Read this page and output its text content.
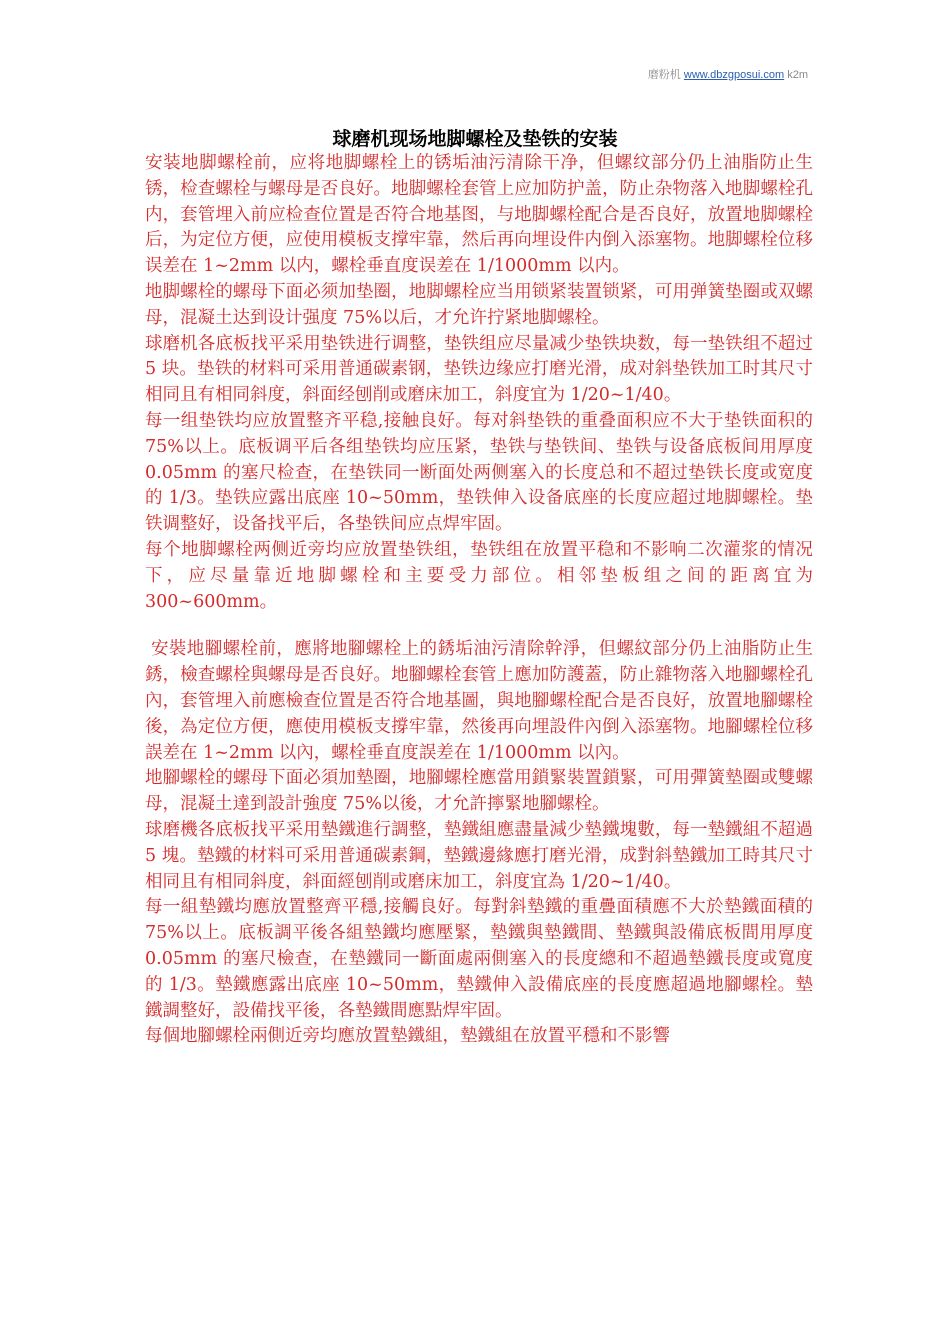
磨粉机 www.dbzgposui.com k2m
球磨机现场地脚螺栓及垫铁的安装

安装地脚螺栓前，应将地脚螺栓上的锈垢油污清除干净，但螺纹部分仍上油脂防止生锈，检查螺栓与螺母是否良好。地脚螺栓套管上应加防护盖，防止杂物落入地脚螺栓孔内，套管埋入前应检查位置是否符合地基图，与地脚螺栓配合是否良好，放置地脚螺栓后，为定位方便，应使用模板支撑牢靠，然后再向埋设件内倒入添塞物。地脚螺栓位移误差在 1~2mm 以内，螺栓垂直度误差在 1/1000mm 以内。

地脚螺栓的螺母下面必须加垫圈，地脚螺栓应当用锁紧装置锁紧，可用弹簧垫圈或双螺母，混凝土达到设计强度 75%以后，才允许拧紧地脚螺栓。

球磨机各底板找平采用垫铁进行调整，垫铁组应尽量减少垫铁块数，每一垫铁组不超过 5 块。垫铁的材料可采用普通碳素钢，垫铁边缘应打磨光滑，成对斜垫铁加工时其尺寸相同且有相同斜度，斜面经刨削或磨床加工，斜度宜为 1/20~1/40。

每一组垫铁均应放置整齐平稳,接触良好。每对斜垫铁的重叠面积应不大于垫铁面积的 75%以上。底板调平后各组垫铁均应压紧，垫铁与垫铁间、垫铁与设备底板间用厚度 0.05mm 的塞尺检查，在垫铁同一断面处两侧塞入的长度总和不超过垫铁长度或宽度的 1/3。垫铁应露出底座 10~50mm，垫铁伸入设备底座的长度应超过地脚螺栓。垫铁调整好，设备找平后，各垫铁间应点焊牢固。

每个地脚螺栓两侧近旁均应放置垫铁组，垫铁组在放置平稳和不影响二次灌浆的情况下，应尽量靠近地脚螺栓和主要受力部位。相邻垫板组之间的距离宜为 300~600mm。

安裝地腳螺栓前，應將地腳螺栓上的銹垢油污清除幹淨，但螺紋部分仍上油脂防止生銹，檢查螺栓與螺母是否良好。地腳螺栓套管上應加防護蓋，防止雜物落入地腳螺栓孔內，套管埋入前應檢查位置是否符合地基圖，與地腳螺栓配合是否良好，放置地腳螺栓後，為定位方便，應使用模板支撐牢靠，然後再向埋設件內倒入添塞物。地腳螺栓位移誤差在 1~2mm 以內，螺栓垂直度誤差在 1/1000mm 以內。

地腳螺栓的螺母下面必須加墊圈，地腳螺栓應當用鎖緊裝置鎖緊，可用彈簧墊圈或雙螺母，混凝土達到設計強度 75%以後，才允許擰緊地腳螺栓。

球磨機各底板找平采用墊鐵進行調整，墊鐵組應盡量減少墊鐵塊數，每一墊鐵組不超過 5 塊。墊鐵的材料可采用普通碳素鋼，墊鐵邊緣應打磨光滑，成對斜墊鐵加工時其尺寸相同且有相同斜度，斜面經刨削或磨床加工，斜度宜為 1/20~1/40。

每一組墊鐵均應放置整齊平穩,接觸良好。每對斜墊鐵的重疊面積應不大於墊鐵面積的 75%以上。底板調平後各組墊鐵均應壓緊，墊鐵與墊鐵間、墊鐵與設備底板間用厚度 0.05mm 的塞尺檢查，在墊鐵同一斷面處兩側塞入的長度總和不超過墊鐵長度或寬度的 1/3。墊鐵應露出底座 10~50mm，墊鐵伸入設備底座的長度應超過地腳螺栓。墊鐵調整好，設備找平後，各墊鐵間應點焊牢固。

每個地腳螺栓兩側近旁均應放置墊鐵組，墊鐵組在放置平穩和不影響
